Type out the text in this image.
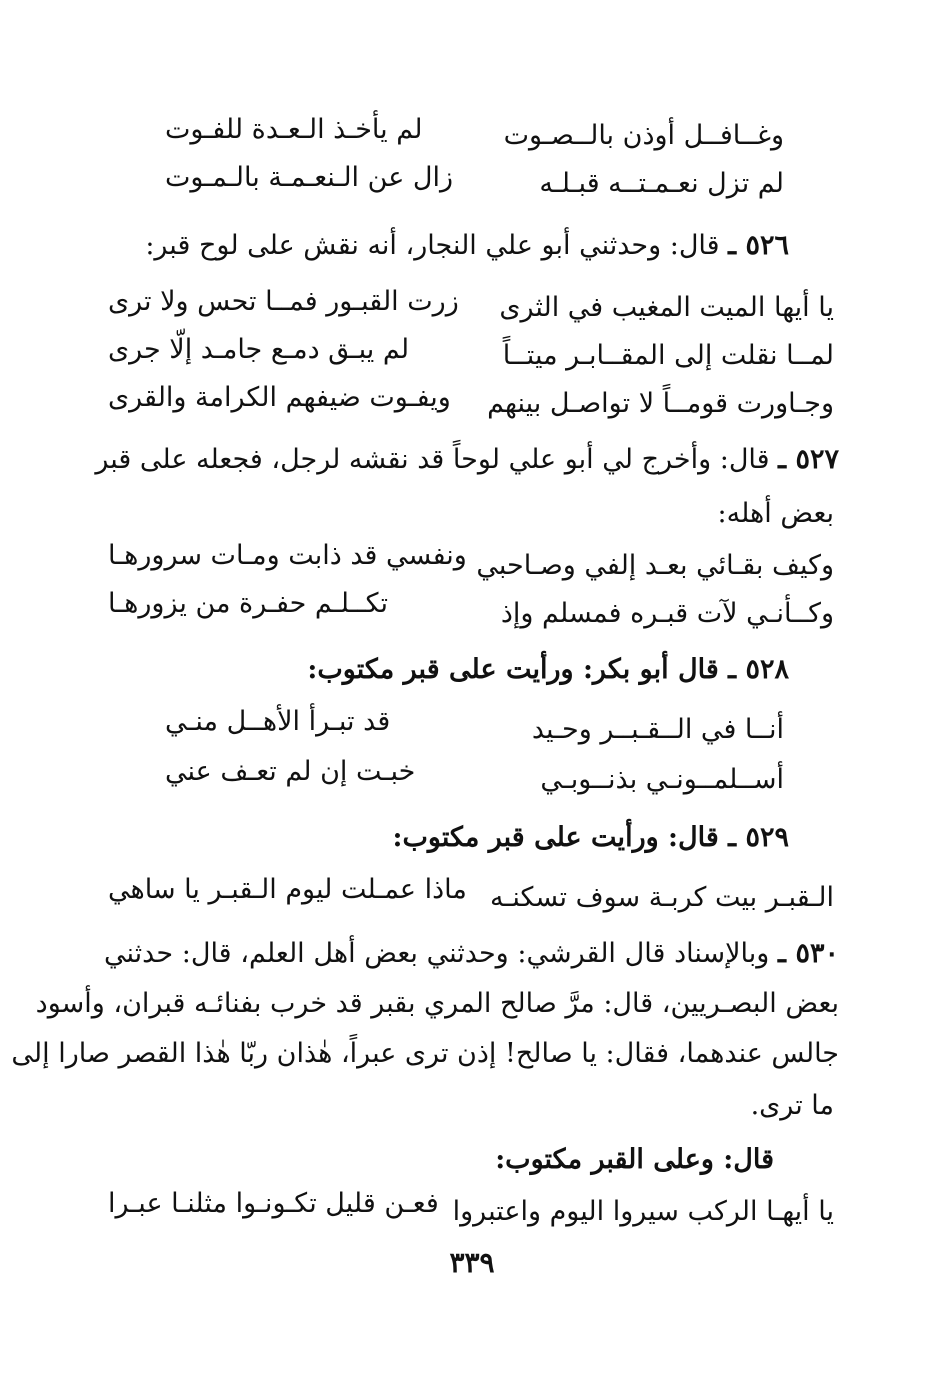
وغــافــل أوذن بالــصـوت
لم يأخـذ الـعـدة للفـوت
لم تزل نعـمـتــه قبـلـه
زال عن الـنعـمـة بالـمـوت
٥٢٦ ـ قال: وحدثني أبو علي النجار، أنه نقش على لوح قبر:
يا أيها الميت المغيب في الثرى
زرت القبـور فمــا تحس ولا ترى
لمــا نقلت إلى المقــابـر ميتــاً
لم يبـق دمـع جامـد إلّا جرى
وجـاورت قومــاً لا تواصـل بينهم
ويفـوت ضيفهم الكرامة والقرى
٥٢٧ ـ قال: وأخرج لي أبو علي لوحاً قد نقشه لرجل، فجعله على قبر
بعض أهله:
وكيف بقـائي بعـد إلفي وصـاحبي
ونفسي قد ذابت ومـات سرورهـا
وكــأنـي لآت قبـره فمسلم وإذ
تكــلـم حفـرة من يزورهـا
٥٢٨ ـ قال أبو بكر: ورأيت على قبر مكتوب:
أنــا في الــقـبــر وحـيد
قد تبـرأ الأهــل منـي
أســلمــونـي بذنــوبـي
خبـت إن لم تعـف عني
٥٢٩ ـ قال: ورأيت على قبر مكتوب:
الـقبـر بيت كربـة سوف تسكنـه
ماذا عمـلت ليوم الـقبـر يا ساهي
٥٣٠ ـ وبالإسناد قال القرشي: وحدثني بعض أهل العلم، قال: حدثني
بعض البصـريين، قال: مرَّ صالح المري بقبر قد خرب بفنائـه قبران، وأسود
جالس عندهما، فقال: يا صالح! إذن ترى عبراً، هٰذان ربّا هٰذا القصر صارا إلى
ما ترى.
قال: وعلى القبر مكتوب:
يا أيهـا الركب سيروا اليوم واعتبروا
فعـن قليل تكـونـوا مثلنـا عبـرا
٣٣٩
